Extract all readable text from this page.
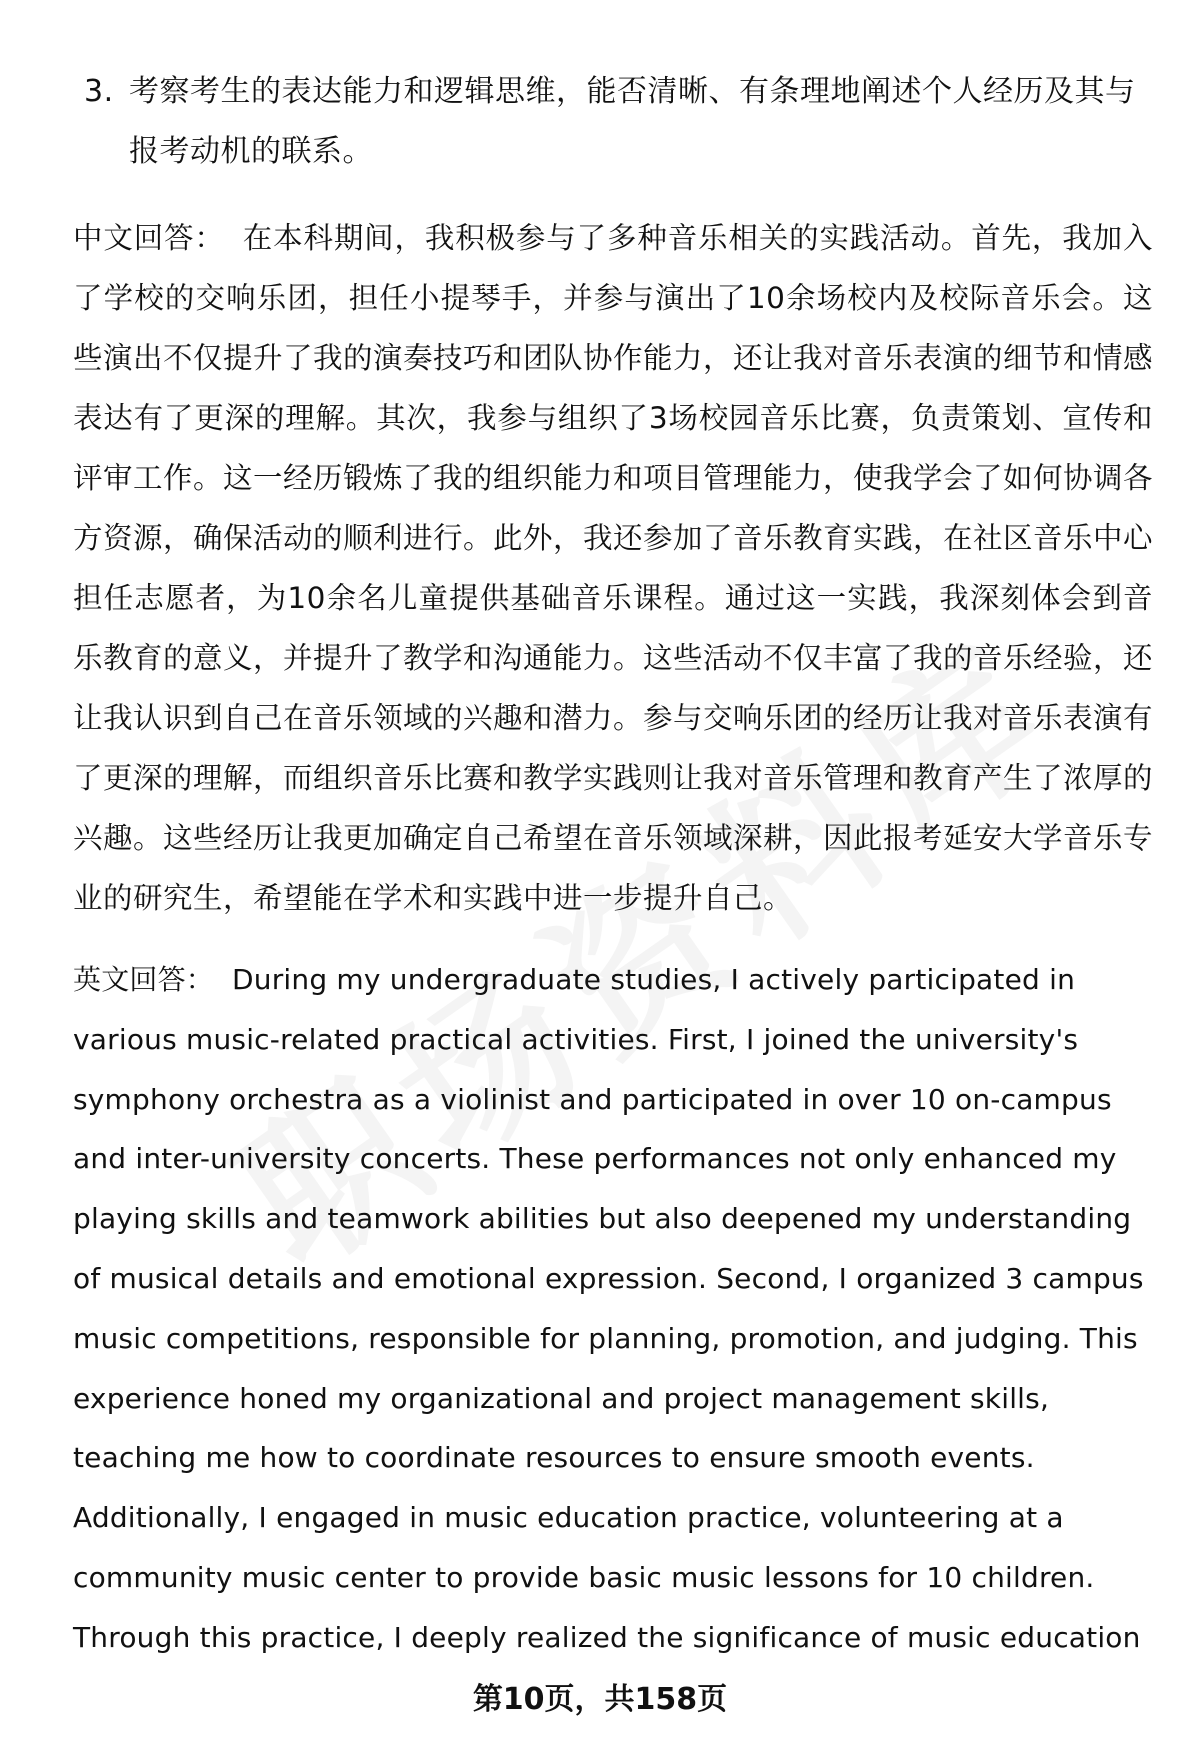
3. 考察考生的表达能力和逻辑思维，能否清晰、有条理地阐述个人经历及其与报考动机的联系。
中文回答： 在本科期间，我积极参与了多种音乐相关的实践活动。首先，我加入了学校的交响乐团，担任小提琴手，并参与演出了10余场校内及校际音乐会。这些演出不仅提升了我的演奏技巧和团队协作能力，还让我对音乐表演的细节和情感表达有了更深的理解。其次，我参与组织了3场校园音乐比赛，负责策划、宣传和评审工作。这一经历锻炼了我的组织能力和项目管理能力，使我学会了如何协调各方资源，确保活动的顺利进行。此外，我还参加了音乐教育实践，在社区音乐中心担任志愿者，为10余名儿童提供基础音乐课程。通过这一实践，我深刻体会到音乐教育的意义，并提升了教学和沟通能力。这些活动不仅丰富了我的音乐经验，还让我认识到自己在音乐领域的兴趣和潜力。参与交响乐团的经历让我对音乐表演有了更深的理解，而组织音乐比赛和教学实践则让我对音乐管理和教育产生了浓厚的兴趣。这些经历让我更加确定自己希望在音乐领域深耕，因此报考延安大学音乐专业的研究生，希望能在学术和实践中进一步提升自己。
英文回答： During my undergraduate studies, I actively participated in various music-related practical activities. First, I joined the university's symphony orchestra as a violinist and participated in over 10 on-campus and inter-university concerts. These performances not only enhanced my playing skills and teamwork abilities but also deepened my understanding of musical details and emotional expression. Second, I organized 3 campus music competitions, responsible for planning, promotion, and judging. This experience honed my organizational and project management skills, teaching me how to coordinate resources to ensure smooth events. Additionally, I engaged in music education practice, volunteering at a community music center to provide basic music lessons for 10 children. Through this practice, I deeply realized the significance of music education
第10页，共158页
